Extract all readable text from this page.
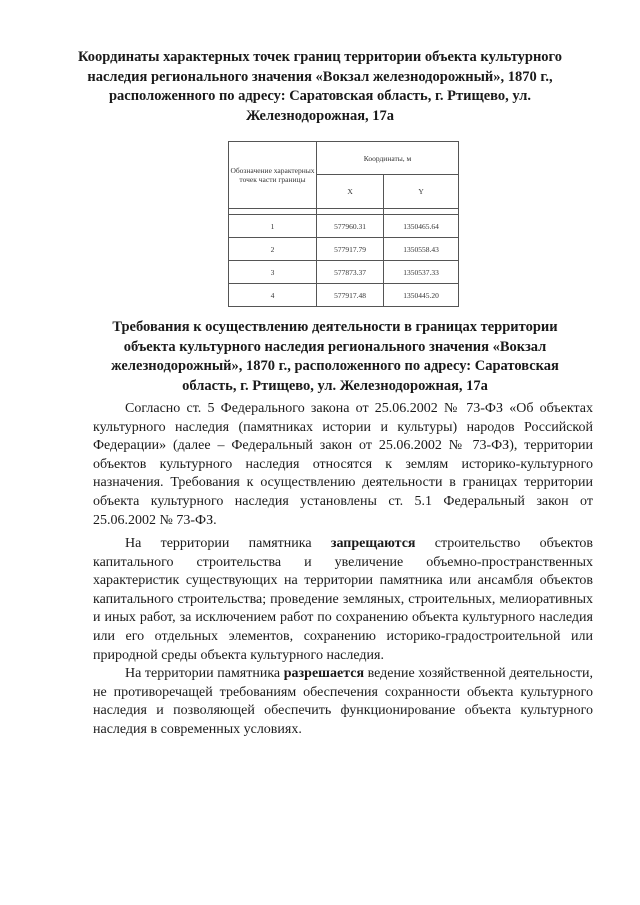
Координаты характерных точек границ территории объекта культурного наследия регионального значения «Вокзал железнодорожный», 1870 г., расположенного по адресу: Саратовская область, г. Ртищево, ул. Железнодорожная, 17а

Обозначение характерных точек части границы	Координаты, м	
	X	Y

1	577960.31	1350465.64
2	577917.79	1350558.43
3	577873.37	1350537.33
4	577917.48	1350445.20

Требования к осуществлению деятельности в границах территории объекта культурного наследия регионального значения «Вокзал железнодорожный», 1870 г., расположенного по адресу: Саратовская область, г. Ртищево, ул. Железнодорожная, 17а

Согласно ст. 5 Федерального закона от 25.06.2002 № 73-ФЗ «Об объектах культурного наследия (памятниках истории и культуры) народов Российской Федерации» (далее – Федеральный закон от 25.06.2002 № 73-ФЗ), территории объектов культурного наследия относятся к землям историко-культурного назначения. Требования к осуществлению деятельности в границах территории объекта культурного наследия установлены ст. 5.1 Федеральный закон от 25.06.2002 № 73-ФЗ.

На территории памятника запрещаются строительство объектов капитального строительства и увеличение объемно-пространственных характеристик существующих на территории памятника или ансамбля объектов капитального строительства; проведение земляных, строительных, мелиоративных и иных работ, за исключением работ по сохранению объекта культурного наследия или его отдельных элементов, сохранению историко-градостроительной или природной среды объекта культурного наследия.

На территории памятника разрешается ведение хозяйственной деятельности, не противоречащей требованиям обеспечения сохранности объекта культурного наследия и позволяющей обеспечить функционирование объекта культурного наследия в современных условиях.
